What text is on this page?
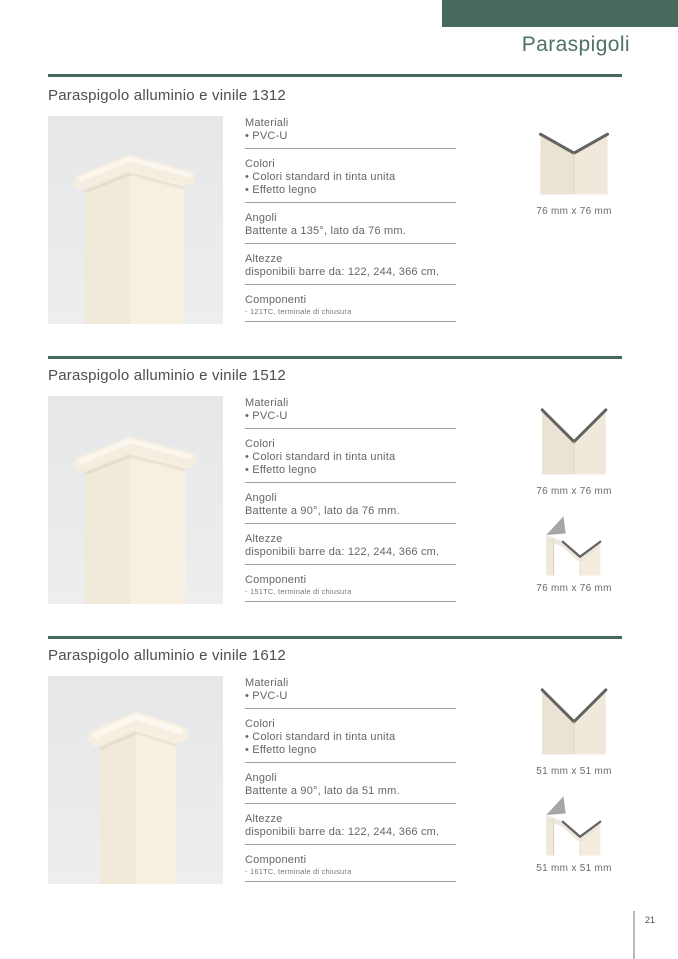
Paraspigoli
Paraspigolo alluminio e vinile 1312
Materiali
• PVC-U
Colori
• Colori standard in tinta unita
• Effetto legno
Angoli
Battente a 135°, lato da 76 mm.
Altezze
disponibili barre da: 122, 244, 366 cm.
Componenti
- 121TC, terminale di chiusura
76 mm x 76 mm
Paraspigolo alluminio e vinile 1512
Materiali
• PVC-U
Colori
• Colori standard in tinta unita
• Effetto legno
Angoli
Battente a 90°, lato da 76 mm.
Altezze
disponibili barre da: 122, 244, 366 cm.
Componenti
- 151TC, terminale di chiusura
76 mm x 76 mm
76 mm x 76 mm
Paraspigolo alluminio e vinile 1612
Materiali
• PVC-U
Colori
• Colori standard in tinta unita
• Effetto legno
Angoli
Battente a 90°, lato da 51 mm.
Altezze
disponibili barre da: 122, 244, 366 cm.
Componenti
- 161TC, terminale di chiusura
51 mm x 51 mm
51 mm x 51 mm
21
